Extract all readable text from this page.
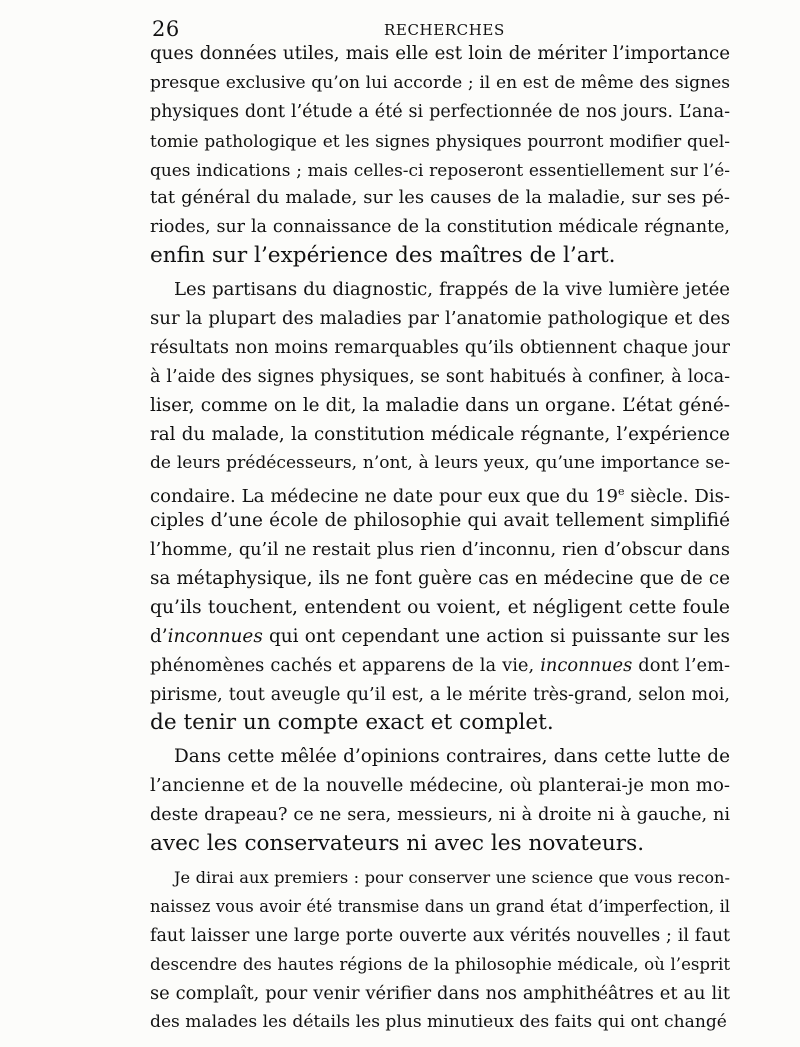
26	RECHERCHES
ques données utiles, mais elle est loin de mériter l’importance
presque exclusive qu’on lui accorde ; il en est de même des signes
physiques dont l’étude a été si perfectionnée de nos jours. L’ana-
tomie pathologique et les signes physiques pourront modifier quel-
ques indications ; mais celles-ci reposeront essentiellement sur l’é-
tat général du malade, sur les causes de la maladie, sur ses pé-
riodes, sur la connaissance de la constitution médicale régnante,
enfin sur l’expérience des maîtres de l’art.
Les partisans du diagnostic, frappés de la vive lumière jetée
sur la plupart des maladies par l’anatomie pathologique et des
résultats non moins remarquables qu’ils obtiennent chaque jour
à l’aide des signes physiques, se sont habitués à confiner, à loca-
liser, comme on le dit, la maladie dans un organe. L’état géné-
ral du malade, la constitution médicale régnante, l’expérience
de leurs prédécesseurs, n’ont, à leurs yeux, qu’une importance se-
condaire. La médecine ne date pour eux que du 19e siècle. Dis-
ciples d’une école de philosophie qui avait tellement simplifié
l’homme, qu’il ne restait plus rien d’inconnu, rien d’obscur dans
sa métaphysique, ils ne font guère cas en médecine que de ce
qu’ils touchent, entendent ou voient, et négligent cette foule
d’inconnues qui ont cependant une action si puissante sur les
phénomènes cachés et apparens de la vie, inconnues dont l’em-
pirisme, tout aveugle qu’il est, a le mérite très-grand, selon moi,
de tenir un compte exact et complet.
Dans cette mêlée d’opinions contraires, dans cette lutte de
l’ancienne et de la nouvelle médecine, où planterai-je mon mo-
deste drapeau? ce ne sera, messieurs, ni à droite ni à gauche, ni
avec les conservateurs ni avec les novateurs.
Je dirai aux premiers : pour conserver une science que vous recon-
naissez vous avoir été transmise dans un grand état d’imperfection, il
faut laisser une large porte ouverte aux vérités nouvelles ; il faut
descendre des hautes régions de la philosophie médicale, où l’esprit
se complaît, pour venir vérifier dans nos amphithéâtres et au lit
des malades les détails les plus minutieux des faits qui ont changé
